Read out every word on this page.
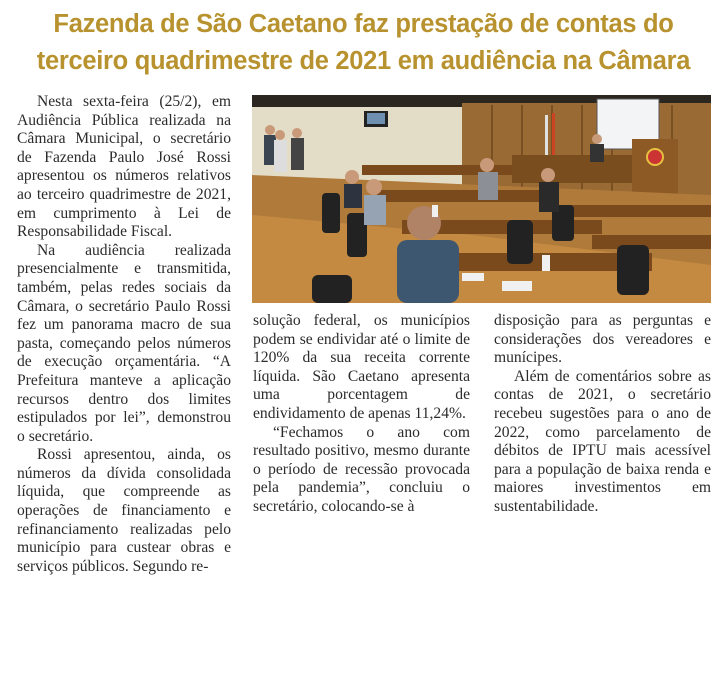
Fazenda de São Caetano faz prestação de contas do
terceiro quadrimestre de 2021 em audiência na Câmara

Nesta sexta-feira (25/2), em Audiência Pública realizada na Câmara Municipal, o secretário de Fazenda Paulo José Rossi apresentou os números relativos ao terceiro quadrimestre de 2021, em cumprimento à Lei de Responsabilidade Fiscal.

Na audiência realizada presencialmente e transmitida, também, pelas redes sociais da Câmara, o secretário Paulo Rossi fez um panorama macro de sua pasta, começando pelos números de execução orçamentária. “A Prefeitura manteve a aplicação recursos dentro dos limites estipulados por lei”, demonstrou o secretário.

Rossi apresentou, ainda, os números da dívida consolidada líquida, que compreende as operações de financiamento e refinanciamento realizadas pelo município para custear obras e serviços públicos. Segundo re-

solução federal, os municípios podem se endividar até o limite de 120% da sua receita corrente líquida. São Caetano apresenta uma porcentagem de endividamento de apenas 11,24%.

“Fechamos o ano com resultado positivo, mesmo durante o período de recessão provocada pela pandemia”, concluiu o secretário, colocando-se à

disposição para as perguntas e considerações dos vereadores e munícipes.

Além de comentários sobre as contas de 2021, o secretário recebeu sugestões para o ano de 2022, como parcelamento de débitos de IPTU mais acessível para a população de baixa renda e maiores investimentos em sustentabilidade.
